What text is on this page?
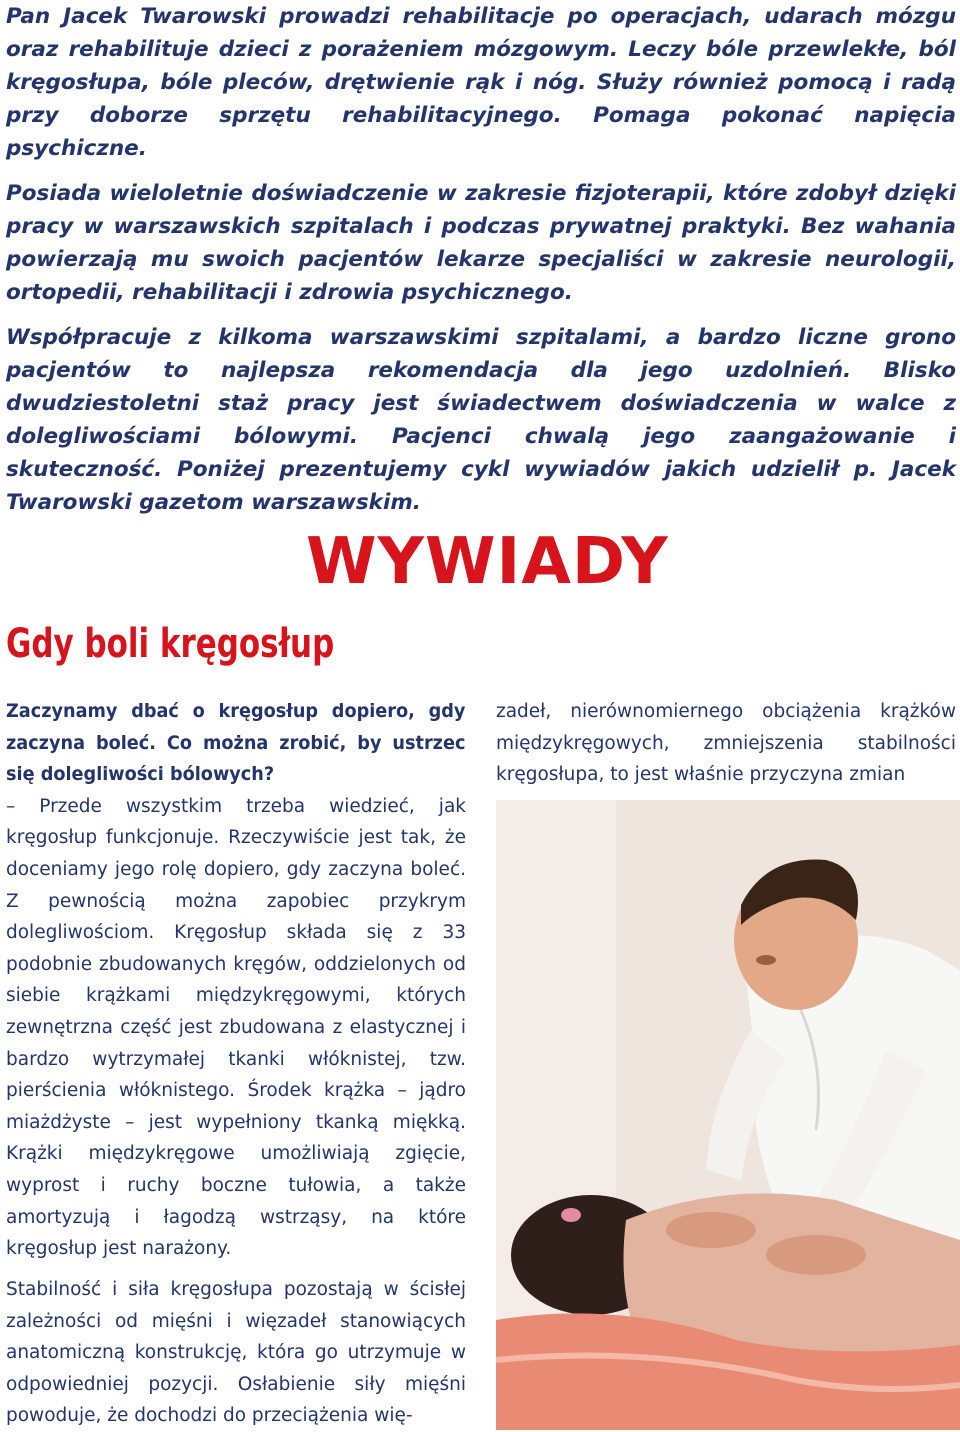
Pan Jacek Twarowski prowadzi rehabilitacje po operacjach, udarach mózgu oraz rehabilituje dzieci z porażeniem mózgowym. Leczy bóle przewlekłe, ból kręgosłupa, bóle pleców, drętwienie rąk i nóg. Służy również pomocą i radą przy doborze sprzętu rehabilitacyjnego. Pomaga pokonać napięcia psychiczne.

Posiada wieloletnie doświadczenie w zakresie fizjoterapii, które zdobył dzięki pracy w warszawskich szpitalach i podczas prywatnej praktyki. Bez wahania powierzają mu swoich pacjentów lekarze specjaliści w zakresie neurologii, ortopedii, rehabilitacji i zdrowia psychicznego.

Współpracuje z kilkoma warszawskimi szpitalami, a bardzo liczne grono pacjentów to najlepsza rekomendacja dla jego uzdolnień. Blisko dwudziestoletni staż pracy jest świadectwem doświadczenia w walce z dolegliwościami bólowymi. Pacjenci chwalą jego zaangażowanie i skuteczność. Poniżej prezentujemy cykl wywiadów jakich udzielił p. Jacek Twarowski gazetom warszawskim.

WYWIADY
Gdy boli kręgosłup

Zaczynamy dbać o kręgosłup dopiero, gdy zaczyna boleć. Co można zrobić, by ustrzec się dolegliwości bólowych?

– Przede wszystkim trzeba wiedzieć, jak kręgosłup funkcjonuje. Rzeczywiście jest tak, że doceniamy jego rolę dopiero, gdy zaczyna boleć. Z pewnością można zapobiec przykrym dolegliwościom. Kręgosłup składa się z 33 podobnie zbudowanych kręgów, oddzielonych od siebie krążkami międzykręgowymi, których zewnętrzna część jest zbudowana z elastycznej i bardzo wytrzymałej tkanki włóknistej, tzw. pierścienia włóknistego. Środek krążka – jądro miażdżyste – jest wypełniony tkanką miękką. Krążki międzykręgowe umożliwiają zgięcie, wyprost i ruchy boczne tułowia, a także amortyzują i łagodzą wstrząsy, na które kręgosłup jest narażony.

Stabilność i siła kręgosłupa pozostają w ścisłej zależności od mięśni i więzadeł stanowiących anatomiczną konstrukcję, która go utrzymuje w odpowiedniej pozycji. Osłabienie siły mięśni powoduje, że dochodzi do przeciążenia wię-
zadeł, nierównomiernego obciążenia krążków międzykręgowych, zmniejszenia stabilności kręgosłupa, to jest właśnie przyczyna zmian
